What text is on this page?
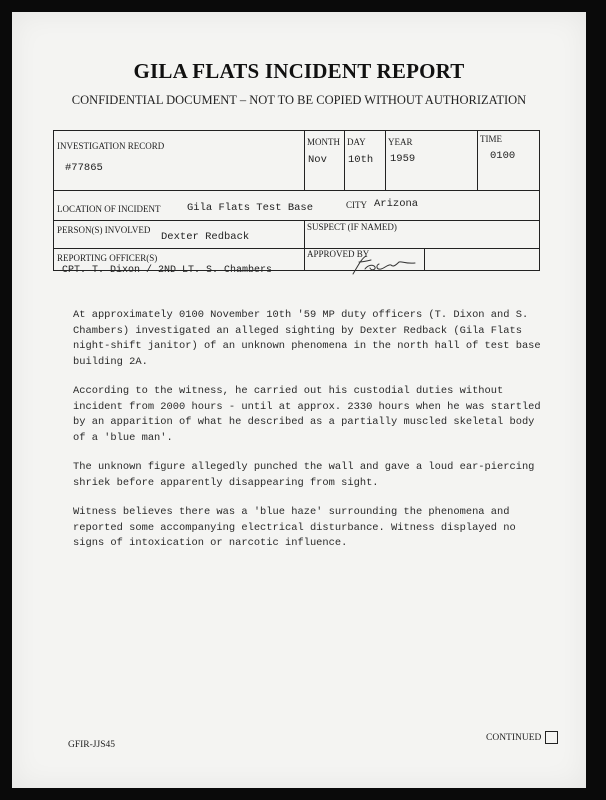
GILA FLATS INCIDENT REPORT
CONFIDENTIAL DOCUMENT – NOT TO BE COPIED WITHOUT AUTHORIZATION
INVESTIGATION RECORD
#77865
MONTH
Nov
DAY
10th
YEAR
1959
TIME
0100
LOCATION OF INCIDENT	Gila Flats Test Base	CITY Arizona
PERSON(S) INVOLVED
Dexter Redback
SUSPECT (IF NAMED)
REPORTING OFFICER(S)
CPT. T. Dixon / 2ND LT. S. Chambers
APPROVED BY

At approximately 0100 November 10th '59 MP duty officers (T. Dixon and S. Chambers) investigated an alleged sighting by Dexter Redback (Gila Flats night-shift janitor) of an unknown phenomena in the north hall of test base building 2A.

According to the witness, he carried out his custodial duties without incident from 2000 hours - until at approx. 2330 hours when he was startled by an apparition of what he described as a partially muscled skeletal body of a 'blue man'.

The unknown figure allegedly punched the wall and gave a loud ear-piercing shriek before apparently disappearing from sight.

Witness believes there was a 'blue haze' surrounding the phenomena and reported some accompanying electrical disturbance. Witness displayed no signs of intoxication or narcotic influence.

GFIR-JJS45
CONTINUED
